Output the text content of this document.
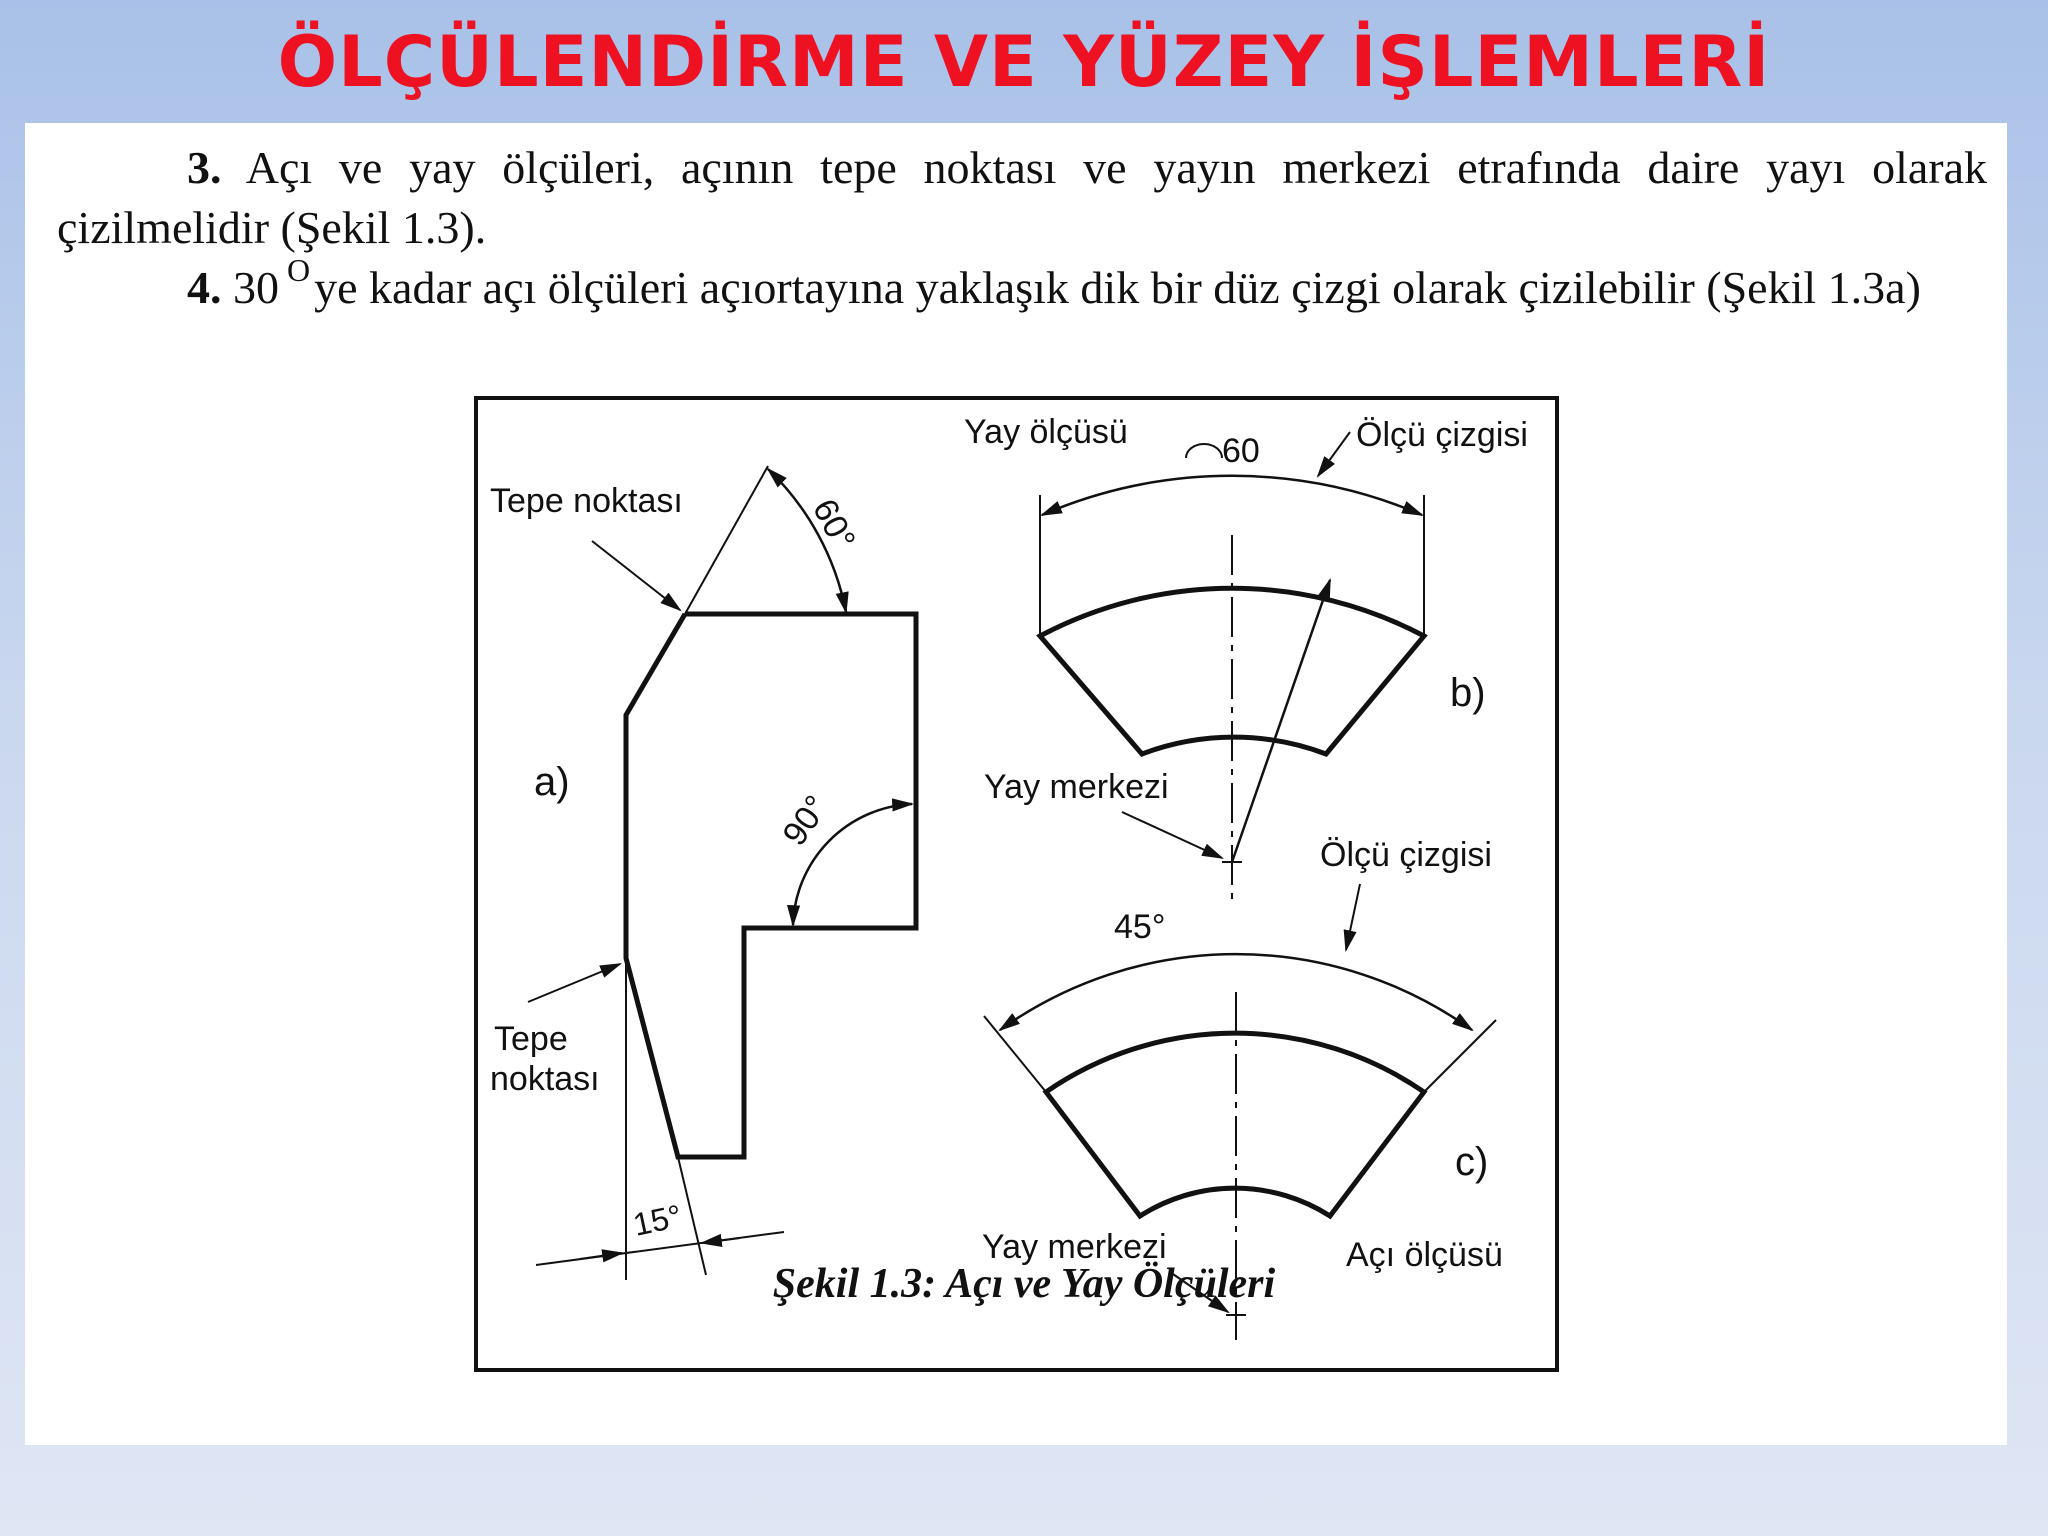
ÖLÇÜLENDİRME VE YÜZEY İŞLEMLERİ

3. Açı ve yay ölçüleri, açının tepe noktası ve yayın merkezi etrafında daire yayı olarak çizilmelidir (Şekil 1.3).

4. 30 $^O$ye kadar açı ölçüleri açıortayına yaklaşık dik bir düz çizgi olarak çizilebilir (Şekil 1.3a)

60°
90°
Tepe noktası
Tepe
noktası
15°
a)
Yay ölçüsü	60	Ölçü çizgisi
Yay merkezi
b)
45°
Ölçü çizgisi
Yay merkezi	Açı ölçüsü
c)
Şekil 1.3: Açı ve Yay Ölçüleri
